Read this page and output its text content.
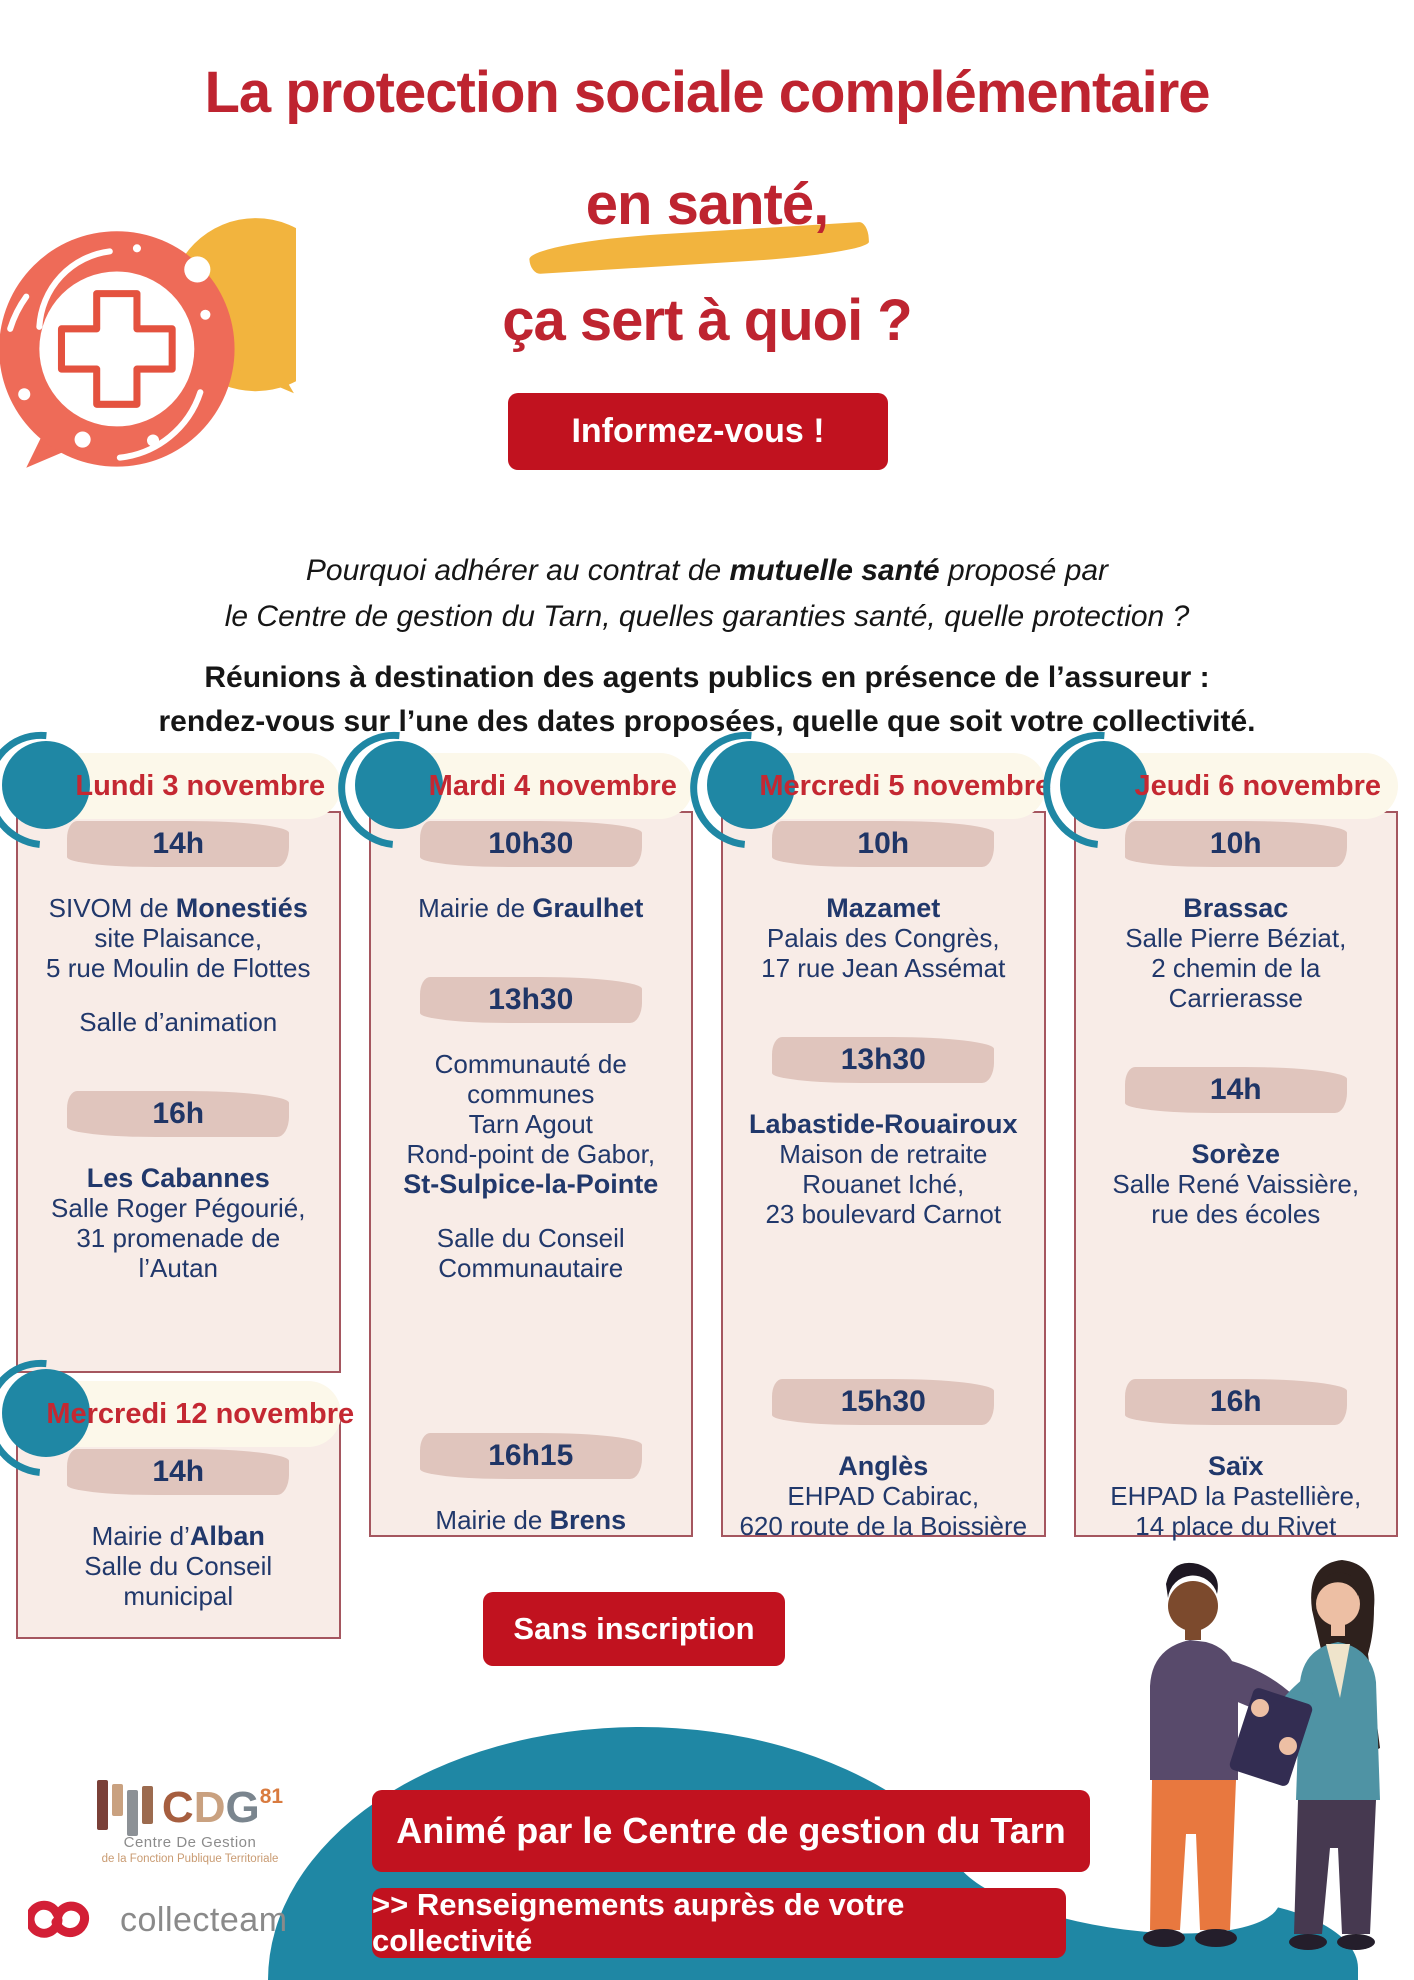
La protection sociale complémentaire
en santé,
ça sert à quoi ?
Informez-vous !
Pourquoi adhérer au contrat de mutuelle santé proposé par
le Centre de gestion du Tarn, quelles garanties santé, quelle protection ?
Réunions à destination des agents publics en présence de l’assureur :
rendez-vous sur l’une des dates proposées, quelle que soit votre collectivité.
Lundi 3 novembre
14h
SIVOM de Monestiés
site Plaisance,
5 rue Moulin de Flottes
Salle d’animation
16h
Les Cabannes
Salle Roger Pégourié,
31 promenade de
l’Autan
Mercredi 12 novembre
14h
Mairie d’Alban
Salle du Conseil
municipal
Mardi 4 novembre
10h30
Mairie de Graulhet
13h30
Communauté de
communes
Tarn Agout
Rond-point de Gabor,
St-Sulpice-la-Pointe
Salle du Conseil
Communautaire
16h15
Mairie de Brens
Mercredi 5 novembre
10h
Mazamet
Palais des Congrès,
17 rue Jean Assémat
13h30
Labastide-Rouairoux
Maison de retraite
Rouanet Iché,
23 boulevard Carnot
15h30
Anglès
EHPAD Cabirac,
620 route de la Boissière
Jeudi 6 novembre
10h
Brassac
Salle Pierre Béziat,
2 chemin de la
Carrierasse
14h
Sorèze
Salle René Vaissière,
rue des écoles
16h
Saïx
EHPAD la Pastellière,
14 place du Rivet
Sans inscription
Animé par le Centre de gestion du Tarn
>> Renseignements auprès de votre collectivité
CDG$^{81}$
Centre De Gestion
de la Fonction Publique Territoriale
collecteam
